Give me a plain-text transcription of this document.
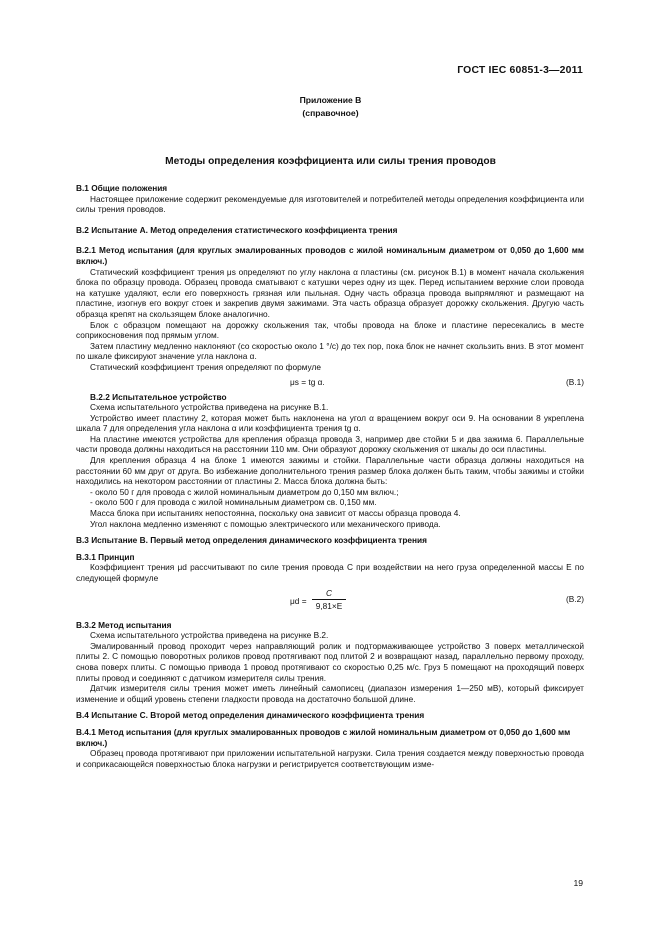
ГОСТ IEC 60851-3—2011
Приложение В
(справочное)
Методы определения коэффициента или силы трения проводов

В.1 Общие положения

Настоящее приложение содержит рекомендуемые для изготовителей и потребителей методы определения коэффициента или силы трения проводов.

В.2 Испытание А. Метод определения статистического коэффициента трения

В.2.1 Метод испытания (для круглых эмалированных проводов с жилой номинальным диаметром от 0,050 до 1,600 мм включ.)

Статический коэффициент трения μs определяют по углу наклона α пластины (см. рисунок В.1) в момент начала скольжения блока по образцу провода. Образец провода сматывают с катушки через одну из щек. Перед испытанием верхние слои провода на катушке удаляют, если его поверхность грязная или пыльная. Одну часть образца провода выпрямляют и размещают на пластине, изогнув его вокруг стоек и закрепив двумя зажимами. Эта часть образца образует дорожку скольжения. Другую часть образца крепят на скользящем блоке аналогично.

Блок с образцом помещают на дорожку скольжения так, чтобы провода на блоке и пластине пересекались в месте соприкосновения под прямым углом.

Затем пластину медленно наклоняют (со скоростью около 1 °/c) до тех пор, пока блок не начнет скользить вниз. В этот момент по шкале фиксируют значение угла наклона α.

Статический коэффициент трения определяют по формуле

μs = tg α.	(В.1)

В.2.2 Испытательное устройство

Схема испытательного устройства приведена на рисунке В.1.

Устройство имеет пластину 2, которая может быть наклонена на угол α вращением вокруг оси 9. На основании 8 укреплена шкала 7 для определения угла наклона α или коэффициента трения tg α.

На пластине имеются устройства для крепления образца провода 3, например две стойки 5 и два зажима 6. Параллельные части провода должны находиться на расстоянии 110 мм. Они образуют дорожку скольжения от шкалы до оси пластины.

Для крепления образца 4 на блоке 1 имеются зажимы и стойки. Параллельные части образца должны находиться на расстоянии 60 мм друг от друга. Во избежание дополнительного трения размер блока должен быть таким, чтобы зажимы и стойки находились на некотором расстоянии от пластины 2. Масса блока должна быть:

- около 50 г для провода с жилой номинальным диаметром до 0,150 мм включ.;

- около 500 г для провода с жилой номинальным диаметром св. 0,150 мм.

Масса блока при испытаниях непостоянна, поскольку она зависит от массы образца провода 4.

Угол наклона медленно изменяют с помощью электрического или механического привода.

В.3 Испытание В. Первый метод определения динамического коэффициента трения

В.3.1 Принцип

Коэффициент трения μd рассчитывают по силе трения провода C при воздействии на него груза определенной массы E по следующей формуле

$\mu d = \frac{C}{9,81\times E}$	(В.2)

В.3.2 Метод испытания

Схема испытательного устройства приведена на рисунке В.2.

Эмалированный провод проходит через направляющий ролик и подтормаживающее устройство 3 поверх металлической плиты 2. С помощью поворотных роликов провод протягивают под плитой 2 и возвращают назад, параллельно первому проходу, снова поверх плиты. С помощью привода 1 провод протягивают со скоростью 0,25 м/с. Груз 5 помещают на проходящий поверх плиты провод и соединяют с датчиком измерителя силы трения.

Датчик измерителя силы трения может иметь линейный самописец (диапазон измерения 1—250 мВ), который фиксирует изменение и общий уровень степени гладкости провода на достаточно большой длине.

В.4 Испытание С. Второй метод определения динамического коэффициента трения

В.4.1 Метод испытания (для круглых эмалированных проводов с жилой номинальным диаметром от 0,050 до 1,600 мм включ.)

Образец провода протягивают при приложении испытательной нагрузки. Сила трения создается между поверхностью провода и соприкасающейся поверхностью блока нагрузки и регистрируется соответствующим изме-

19
